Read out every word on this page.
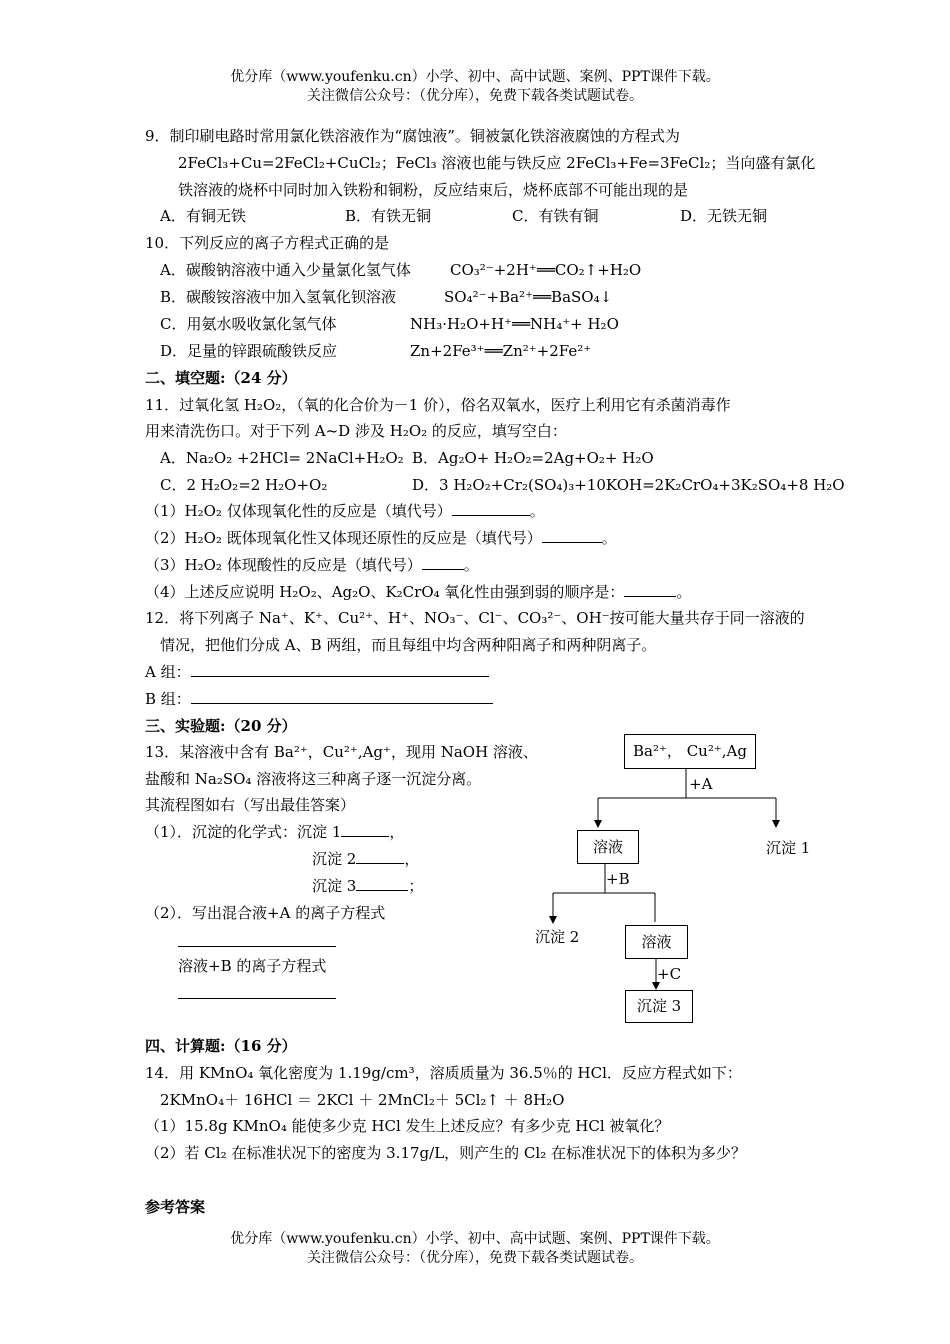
优分库（www.youfenku.cn）小学、初中、高中试题、案例、PPT课件下载。
关注微信公众号：（优分库），免费下载各类试题试卷。
9．制印刷电路时常用氯化铁溶液作为“腐蚀液”。铜被氯化铁溶液腐蚀的方程式为
2FeCl₃+Cu=2FeCl₂+CuCl₂；FeCl₃ 溶液也能与铁反应 2FeCl₃+Fe=3FeCl₂；当向盛有氯化
铁溶液的烧杯中同时加入铁粉和铜粉，反应结束后，烧杯底部不可能出现的是
A．有铜无铁	B．有铁无铜	C．有铁有铜	D．无铁无铜
10．下列反应的离子方程式正确的是
A．碳酸钠溶液中通入少量氯化氢气体	CO₃²⁻+2H⁺══CO₂↑+H₂O
B．碳酸铵溶液中加入氢氧化钡溶液	SO₄²⁻+Ba²⁺══BaSO₄↓
C．用氨水吸收氯化氢气体	NH₃·H₂O+H⁺══NH₄⁺+ H₂O
D．足量的锌跟硫酸铁反应	Zn+2Fe³⁺══Zn²⁺+2Fe²⁺
二、填空题:（24 分）
11．过氧化氢 H₂O₂，（氧的化合价为－1 价），俗名双氧水，医疗上利用它有杀菌消毒作
用来清洗伤口。对于下列 A~D 涉及 H₂O₂ 的反应，填写空白：
A．Na₂O₂ +2HCl= 2NaCl+H₂O₂ B．Ag₂O+ H₂O₂=2Ag+O₂+ H₂O
C．2 H₂O₂=2 H₂O+O₂	D．3 H₂O₂+Cr₂(SO₄)₃+10KOH=2K₂CrO₄+3K₂SO₄+8 H₂O
（1）H₂O₂ 仅体现氧化性的反应是（填代号）	。
（2）H₂O₂ 既体现氧化性又体现还原性的反应是（填代号）	。
（3）H₂O₂ 体现酸性的反应是（填代号）	。
（4）上述反应说明 H₂O₂、Ag₂O、K₂CrO₄ 氧化性由强到弱的顺序是：	。
12．将下列离子 Na⁺、K⁺、Cu²⁺、H⁺、NO₃⁻、Cl⁻、CO₃²⁻、OH⁻按可能大量共存于同一溶液的
情况，把他们分成 A、B 两组，而且每组中均含两种阳离子和两种阴离子。
A 组：
B 组：
三、实验题:（20 分）
13．某溶液中含有 Ba²⁺，Cu²⁺,Ag⁺，现用 NaOH 溶液、
盐酸和 Na₂SO₄ 溶液将这三种离子逐一沉淀分离。
其流程图如右（写出最佳答案）
（1）．沉淀的化学式：沉淀 1	，
沉淀 2	，
沉淀 3	；
（2）．写出混合液+A 的离子方程式
溶液+B 的离子方程式
Ba²⁺， Cu²⁺,Ag
+A
溶液	沉淀 1
+B
沉淀 2	溶液
+C
沉淀 3
四、计算题:（16 分）
14．用 KMnO₄ 氧化密度为 1.19g/cm³，溶质质量为 36.5％的 HCl．反应方程式如下：
2KMnO₄＋ 16HCl ＝ 2KCl ＋ 2MnCl₂＋ 5Cl₂↑ ＋ 8H₂O
（1）15.8g KMnO₄ 能使多少克 HCl 发生上述反应？有多少克 HCl 被氧化？
（2）若 Cl₂ 在标准状况下的密度为 3.17g/L，则产生的 Cl₂ 在标准状况下的体积为多少？
参考答案
优分库（www.youfenku.cn）小学、初中、高中试题、案例、PPT课件下载。
关注微信公众号：（优分库），免费下载各类试题试卷。
